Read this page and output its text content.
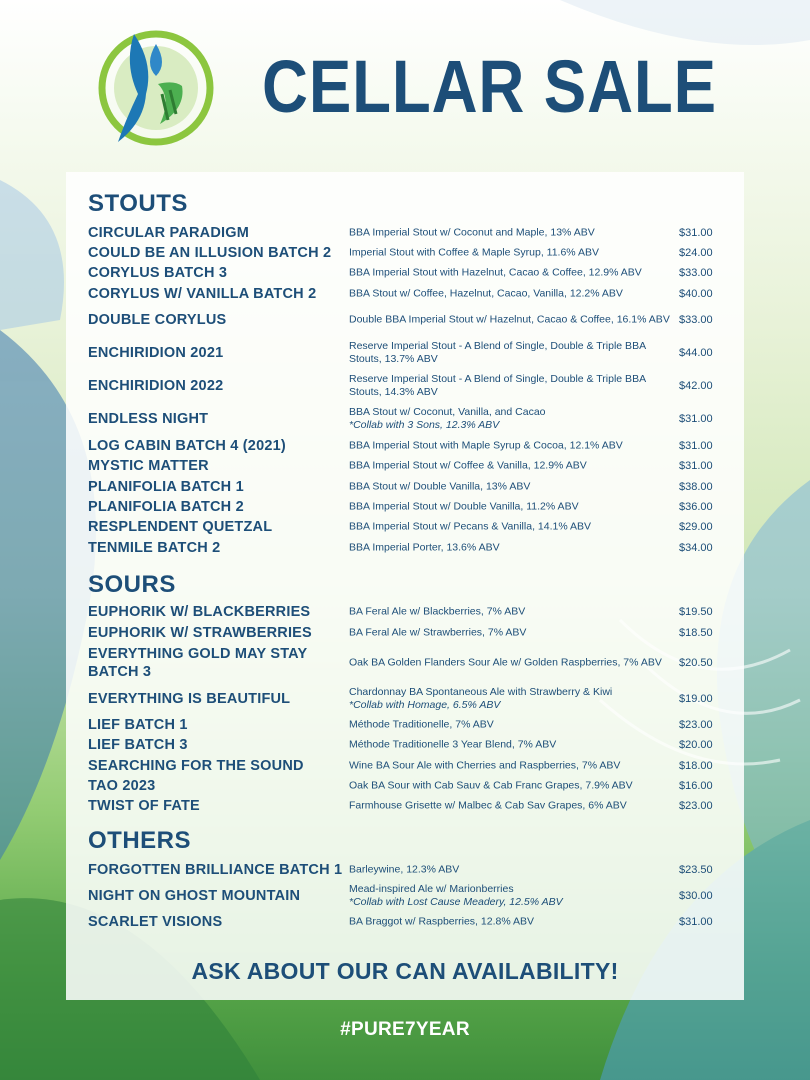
CELLAR SALE
STOUTS
CIRCULAR PARADIGM	BBA Imperial Stout w/ Coconut and Maple, 13% ABV	$31.00
COULD BE AN ILLUSION BATCH 2	Imperial Stout with Coffee & Maple Syrup, 11.6% ABV	$24.00
CORYLUS BATCH 3	BBA Imperial Stout with Hazelnut, Cacao & Coffee, 12.9% ABV	$33.00
CORYLUS W/ VANILLA BATCH 2	BBA Stout w/ Coffee, Hazelnut, Cacao, Vanilla, 12.2% ABV	$40.00
DOUBLE CORYLUS	Double BBA Imperial Stout w/ Hazelnut, Cacao & Coffee, 16.1% ABV $33.00
ENCHIRIDION 2021	Reserve Imperial Stout - A Blend of Single, Double & Triple BBA Stouts, 13.7% ABV	$44.00
ENCHIRIDION 2022	Reserve Imperial Stout - A Blend of Single, Double & Triple BBA Stouts, 14.3% ABV	$42.00
ENDLESS NIGHT	BBA Stout w/ Coconut, Vanilla, and Cacao
*Collab with 3 Sons, 12.3% ABV	$31.00
LOG CABIN BATCH 4 (2021)	BBA Imperial Stout with Maple Syrup & Cocoa, 12.1% ABV	$31.00
MYSTIC MATTER	BBA Imperial Stout w/ Coffee & Vanilla, 12.9% ABV	$31.00
PLANIFOLIA BATCH 1	BBA Stout w/ Double Vanilla, 13% ABV	$38.00
PLANIFOLIA BATCH 2	BBA Imperial Stout w/ Double Vanilla, 11.2% ABV	$36.00
RESPLENDENT QUETZAL	BBA Imperial Stout w/ Pecans & Vanilla, 14.1% ABV	$29.00
TENMILE BATCH 2	BBA Imperial Porter, 13.6% ABV	$34.00
SOURS
EUPHORIK W/ BLACKBERRIES	BA Feral Ale w/ Blackberries, 7% ABV	$19.50
EUPHORIK W/ STRAWBERRIES	BA Feral Ale w/ Strawberries, 7% ABV	$18.50
EVERYTHING GOLD MAY STAY BATCH 3
Oak BA Golden Flanders Sour Ale w/ Golden Raspberries, 7% ABV	$20.50
EVERYTHING IS BEAUTIFUL	Chardonnay BA Spontaneous Ale with Strawberry & Kiwi
*Collab with Homage, 6.5% ABV	$19.00
LIEF BATCH 1	Méthode Traditionelle, 7% ABV	$23.00
LIEF BATCH 3	Méthode Traditionelle 3 Year Blend, 7% ABV	$20.00
SEARCHING FOR THE SOUND	Wine BA Sour Ale with Cherries and Raspberries, 7% ABV	$18.00
TAO 2023	Oak BA Sour with Cab Sauv & Cab Franc Grapes, 7.9% ABV	$16.00
TWIST OF FATE	Farmhouse Grisette w/ Malbec & Cab Sav Grapes, 6% ABV	$23.00
OTHERS
FORGOTTEN BRILLIANCE BATCH 1 Barleywine, 12.3% ABV	$23.50
NIGHT ON GHOST MOUNTAIN	Mead-inspired Ale w/ Marionberries
*Collab with Lost Cause Meadery, 12.5% ABV	$30.00
SCARLET VISIONS	BA Braggot w/ Raspberries, 12.8% ABV	$31.00

ASK ABOUT OUR CAN AVAILABILITY!

#PURE7YEAR
